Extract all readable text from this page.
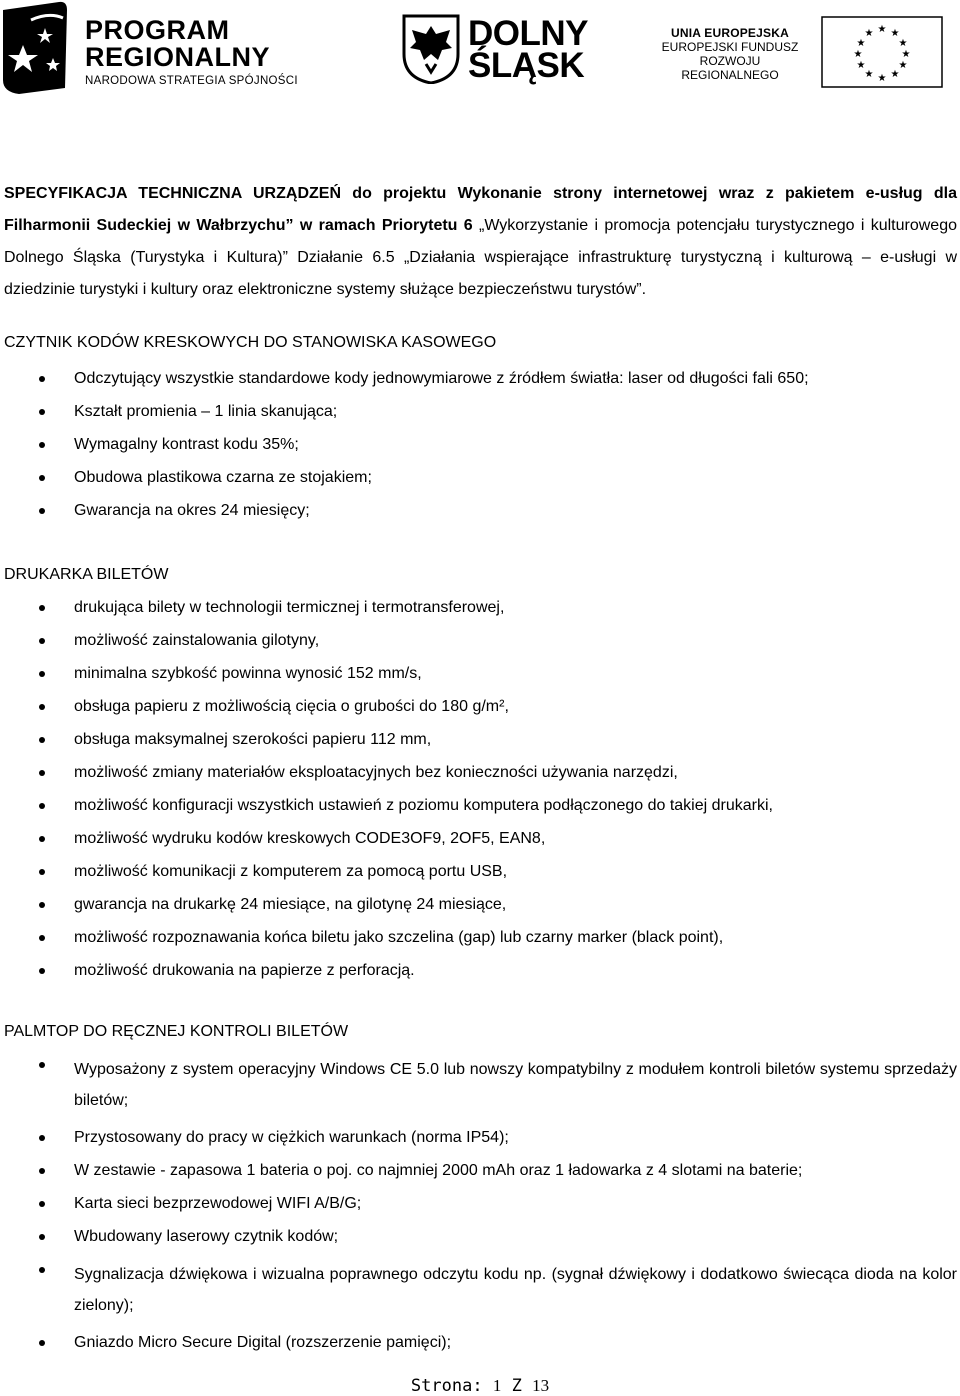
PROGRAM
REGIONALNY
NARODOWA STRATEGIA SPÓJNOŚCI
DOLNY
ŚLĄSK
UNIA EUROPEJSKA
EUROPEJSKI FUNDUSZ
ROZWOJU REGIONALNEGO
★ ★
★
★
★
★
★
★
★
★
★
★
SPECYFIKACJA TECHNICZNA URZĄDZEŃ do projektu Wykonanie strony internetowej wraz z pakietem e-usług dla Filharmonii Sudeckiej w Wałbrzychu” w ramach Priorytetu 6 „Wykorzystanie i promocja potencjału turystycznego i kulturowego Dolnego Śląska (Turystyka i Kultura)” Działanie 6.5 „Działania wspierające infrastrukturę turystyczną i kulturową – e-usługi w dziedzinie turystyki i kultury oraz elektroniczne systemy służące bezpieczeństwu turystów”.
CZYTNIK KODÓW KRESKOWYCH DO STANOWISKA KASOWEGO
Odczytujący wszystkie standardowe kody jednowymiarowe z źródłem światła: laser od długości fali 650;
Kształt promienia – 1 linia skanująca;
Wymagalny kontrast kodu 35%;
Obudowa plastikowa czarna ze stojakiem;
Gwarancja na okres 24 miesięcy;
DRUKARKA BILETÓW
drukująca bilety w technologii termicznej i termotransferowej,
możliwość zainstalowania gilotyny,
minimalna szybkość powinna wynosić 152 mm/s,
obsługa papieru z możliwością cięcia o grubości do 180 g/m²,
obsługa maksymalnej szerokości papieru 112 mm,
możliwość zmiany materiałów eksploatacyjnych bez konieczności używania narzędzi,
możliwość konfiguracji wszystkich ustawień z poziomu komputera podłączonego do takiej drukarki,
możliwość wydruku kodów kreskowych CODE3OF9, 2OF5, EAN8,
możliwość komunikacji z komputerem za pomocą portu USB,
gwarancja na drukarkę 24 miesiące, na gilotynę 24 miesiące,
możliwość rozpoznawania końca biletu jako szczelina (gap) lub czarny marker (black point),
możliwość drukowania na papierze z perforacją.
PALMTOP DO RĘCZNEJ KONTROLI BILETÓW
Wyposażony z system operacyjny Windows CE 5.0 lub nowszy kompatybilny z modułem kontroli biletów systemu sprzedaży biletów;
Przystosowany do pracy w ciężkich warunkach (norma IP54);
W zestawie - zapasowa 1 bateria o poj. co najmniej 2000 mAh oraz 1 ładowarka z 4 slotami na baterie;
Karta sieci bezprzewodowej WIFI A/B/G;
Wbudowany laserowy czytnik kodów;
Sygnalizacja dźwiękowa i wizualna poprawnego odczytu kodu np. (sygnał dźwiękowy i dodatkowo świecąca dioda na kolor zielony);
Gniazdo Micro Secure Digital (rozszerzenie pamięci);
Strona: 1 Z 13
